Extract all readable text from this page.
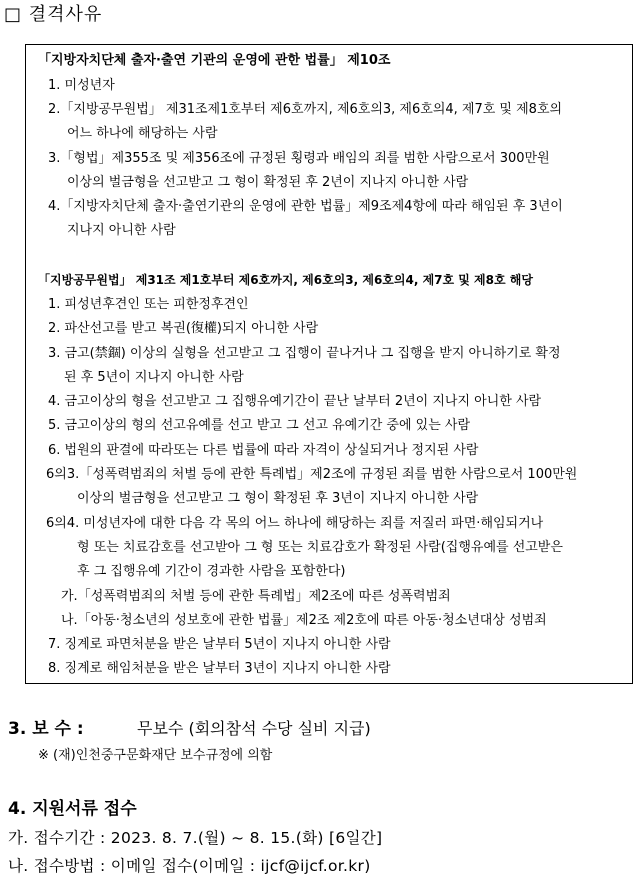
□ 결격사유
「지방자치단체 출자·출연 기관의 운영에 관한 법률」 제10조
1. 미성년자
2.「지방공무원법」 제31조제1호부터 제6호까지, 제6호의3, 제6호의4, 제7호 및 제8호의
어느 하나에 해당하는 사람
3.「형법」제355조 및 제356조에 규정된 횡령과 배임의 죄를 범한 사람으로서 300만원
이상의 벌금형을 선고받고 그 형이 확정된 후 2년이 지나지 아니한 사람
4.「지방자치단체 출자·출연기관의 운영에 관한 법률」제9조제4항에 따라 해임된 후 3년이
지나지 아니한 사람
「지방공무원법」 제31조 제1호부터 제6호까지, 제6호의3, 제6호의4, 제7호 및 제8호 해당
1. 피성년후견인 또는 피한정후견인
2. 파산선고를 받고 복권(復權)되지 아니한 사람
3. 금고(禁錮) 이상의 실형을 선고받고 그 집행이 끝나거나 그 집행을 받지 아니하기로 확정
된 후 5년이 지나지 아니한 사람
4. 금고이상의 형을 선고받고 그 집행유예기간이 끝난 날부터 2년이 지나지 아니한 사람
5. 금고이상의 형의 선고유예를 선고 받고 그 선고 유예기간 중에 있는 사람
6. 법원의 판결에 따라또는 다른 법률에 따라 자격이 상실되거나 정지된 사람
6의3.「성폭력범죄의 처벌 등에 관한 특례법」제2조에 규정된 죄를 범한 사람으로서 100만원
이상의 벌금형을 선고받고 그 형이 확정된 후 3년이 지나지 아니한 사람
6의4. 미성년자에 대한 다음 각 목의 어느 하나에 해당하는 죄를 저질러 파면·해임되거나
형 또는 치료감호를 선고받아 그 형 또는 치료감호가 확정된 사람(집행유예를 선고받은
후 그 집행유예 기간이 경과한 사람을 포함한다)
가.「성폭력범죄의 처벌 등에 관한 특례법」제2조에 따른 성폭력범죄
나.「아동·청소년의 성보호에 관한 법률」제2조 제2호에 따른 아동·청소년대상 성범죄
7. 징계로 파면처분을 받은 날부터 5년이 지나지 아니한 사람
8. 징계로 해임처분을 받은 날부터 3년이 지나지 아니한 사람
3. 보 수 :	무보수 (회의참석 수당 실비 지급)
※ (재)인천중구문화재단 보수규정에 의함
4. 지원서류 접수
가. 접수기간 : 2023. 8. 7.(월) ~ 8. 15.(화) [6일간]
나. 접수방법 : 이메일 접수(이메일 : ijcf@ijcf.or.kr)
